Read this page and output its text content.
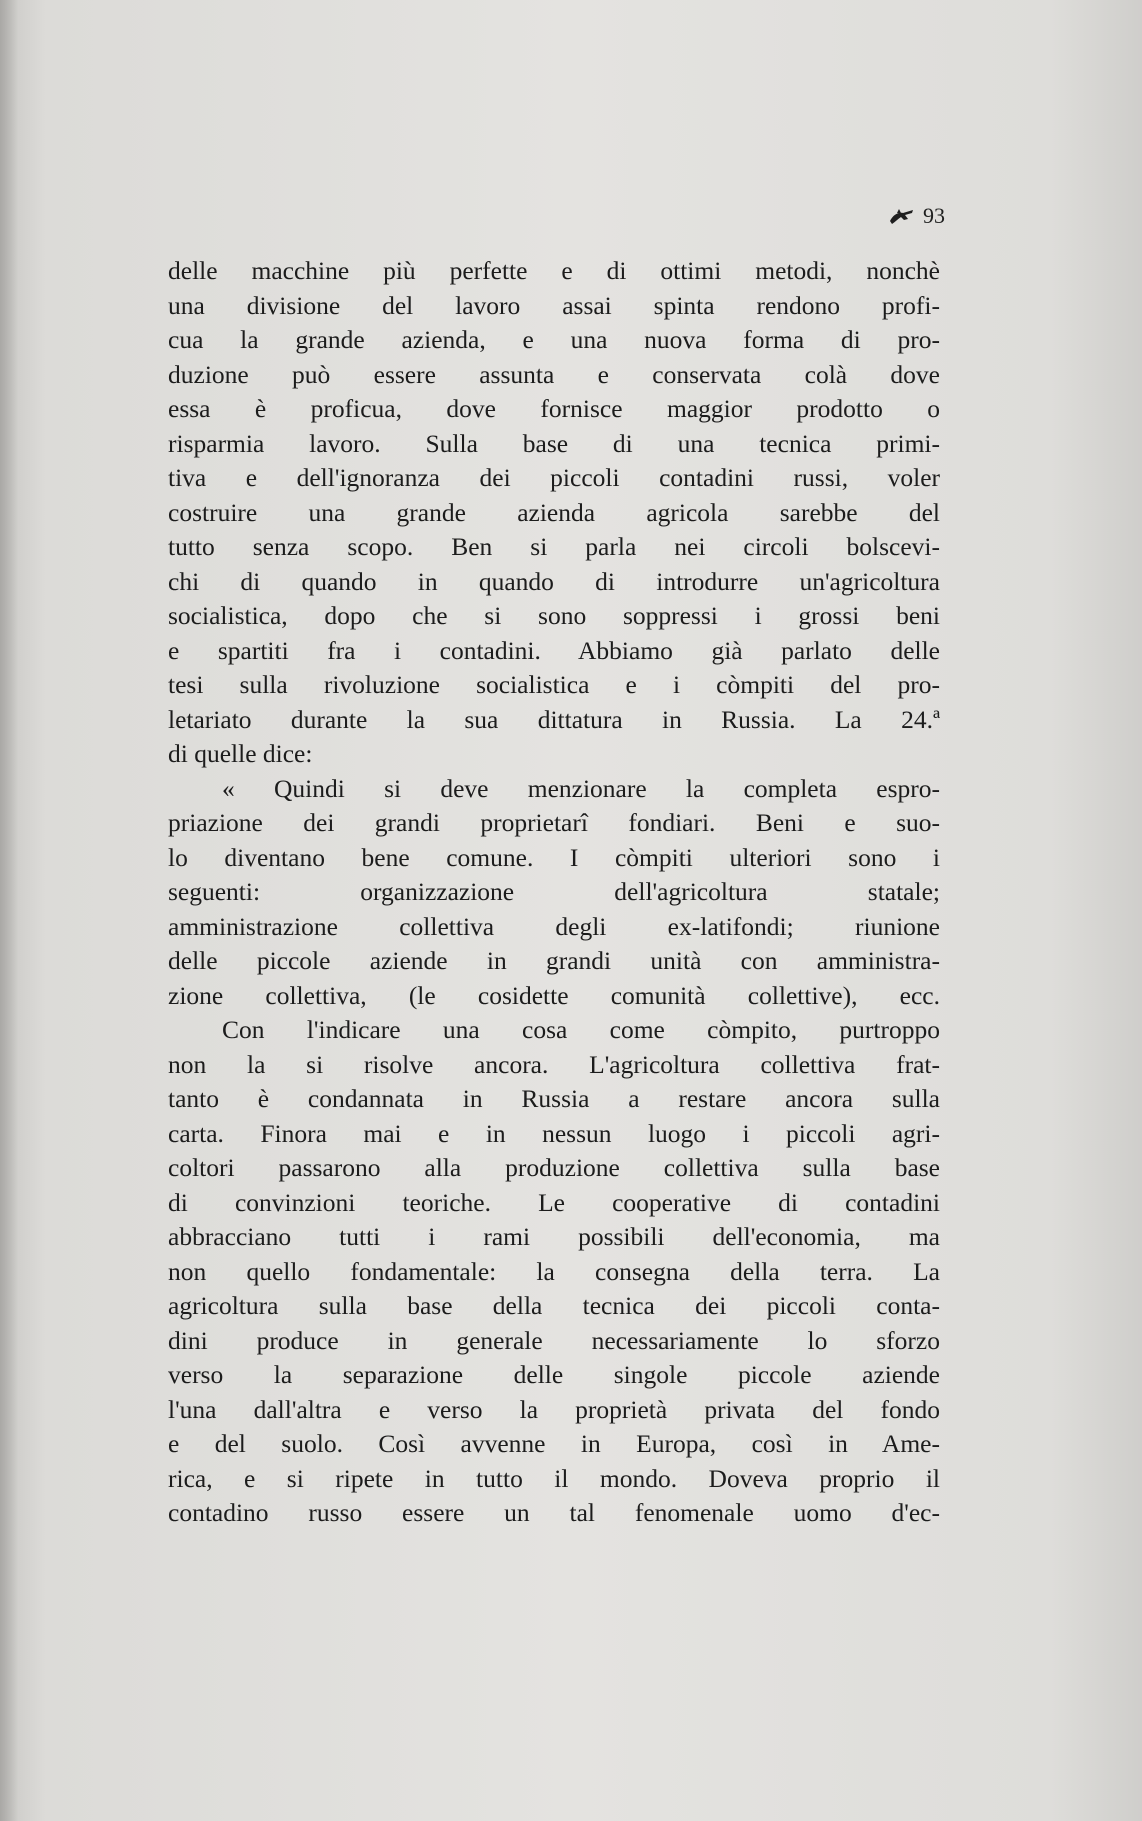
93
delle macchine più perfette e di ottimi metodi, nonchè
una divisione del lavoro assai spinta rendono profi-
cua la grande azienda, e una nuova forma di pro-
duzione può essere assunta e conservata colà dove
essa è proficua, dove fornisce maggior prodotto o
risparmia lavoro. Sulla base di una tecnica primi-
tiva e dell'ignoranza dei piccoli contadini russi, voler
costruire una grande azienda agricola sarebbe del
tutto senza scopo. Ben si parla nei circoli bolscevi-
chi di quando in quando di introdurre un'agricoltura
socialistica, dopo che si sono soppressi i grossi beni
e spartiti fra i contadini. Abbiamo già parlato delle
tesi sulla rivoluzione socialistica e i còmpiti del pro-
letariato durante la sua dittatura in Russia. La 24.ª
di quelle dice:
« Quindi si deve menzionare la completa espro-
priazione dei grandi proprietarî fondiari. Beni e suo-
lo diventano bene comune. I còmpiti ulteriori sono i
seguenti: organizzazione dell'agricoltura statale;
amministrazione collettiva degli ex-latifondi; riunione
delle piccole aziende in grandi unità con amministra-
zione collettiva, (le cosidette comunità collettive), ecc.
Con l'indicare una cosa come còmpito, purtroppo
non la si risolve ancora. L'agricoltura collettiva frat-
tanto è condannata in Russia a restare ancora sulla
carta. Finora mai e in nessun luogo i piccoli agri-
coltori passarono alla produzione collettiva sulla base
di convinzioni teoriche. Le cooperative di contadini
abbracciano tutti i rami possibili dell'economia, ma
non quello fondamentale: la consegna della terra. La
agricoltura sulla base della tecnica dei piccoli conta-
dini produce in generale necessariamente lo sforzo
verso la separazione delle singole piccole aziende
l'una dall'altra e verso la proprietà privata del fondo
e del suolo. Così avvenne in Europa, così in Ame-
rica, e si ripete in tutto il mondo. Doveva proprio il
contadino russo essere un tal fenomenale uomo d'ec-
